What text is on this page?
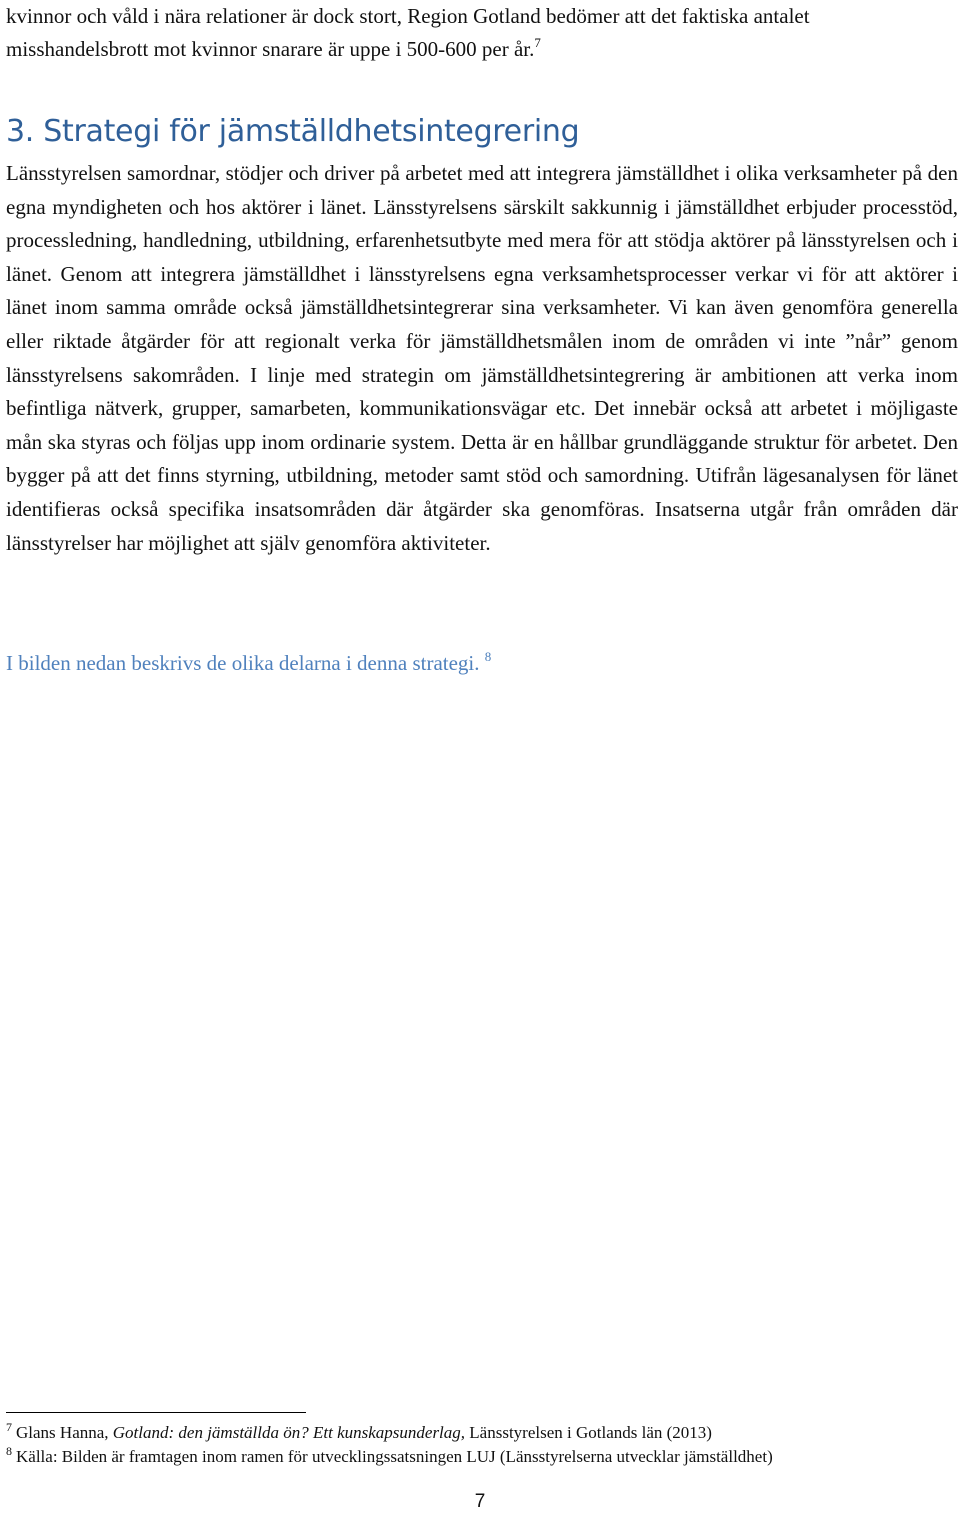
kvinnor och våld i nära relationer är dock stort, Region Gotland bedömer att det faktiska antalet misshandelsbrott mot kvinnor snarare är uppe i 500-600 per år.$^7$

3. Strategi för jämställdhetsintegrering

Länsstyrelsen samordnar, stödjer och driver på arbetet med att integrera jämställdhet i olika verksamheter på den egna myndigheten och hos aktörer i länet. Länsstyrelsens särskilt sakkunnig i jämställdhet erbjuder processtöd, processledning, handledning, utbildning, erfarenhetsutbyte med mera för att stödja aktörer på länsstyrelsen och i länet. Genom att integrera jämställdhet i länsstyrelsens egna verksamhetsprocesser verkar vi för att aktörer i länet inom samma område också jämställdhetsintegrerar sina verksamheter. Vi kan även genomföra generella eller riktade åtgärder för att regionalt verka för jämställdhetsmålen inom de områden vi inte ”når” genom länsstyrelsens sakområden. I linje med strategin om jämställdhetsintegrering är ambitionen att verka inom befintliga nätverk, grupper, samarbeten, kommunikationsvägar etc. Det innebär också att arbetet i möjligaste mån ska styras och följas upp inom ordinarie system. Detta är en hållbar grundläggande struktur för arbetet. Den bygger på att det finns styrning, utbildning, metoder samt stöd och samordning. Utifrån lägesanalysen för länet identifieras också specifika insatsområden där åtgärder ska genomföras. Insatserna utgår från områden där länsstyrelser har möjlighet att själv genomföra aktiviteter.

I bilden nedan beskrivs de olika delarna i denna strategi. $^8$

$^7$ Glans Hanna, Gotland: den jämställda ön? Ett kunskapsunderlag, Länsstyrelsen i Gotlands län (2013)
$^8$ Källa: Bilden är framtagen inom ramen för utvecklingssatsningen LUJ (Länsstyrelserna utvecklar jämställdhet)
7
